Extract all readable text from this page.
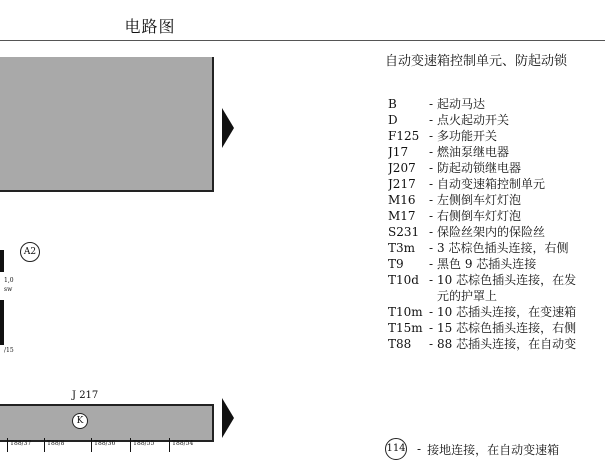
电路图
1,0
sw
/15
A2
J 217
K
T88/37	T88/8	T88/36	T88/55	T88/54
自动变速箱控制单元、防起动锁
B	- 起动马达
D	- 点火起动开关
F125 - 多功能开关
J17	- 燃油泵继电器
J207	- 防起动锁继电器
J217	- 自动变速箱控制单元
M16	- 左侧倒车灯灯泡
M17	- 右侧倒车灯灯泡
S231 - 保险丝架内的保险丝
T3m	- 3 芯棕色插头连接，右侧
T9	- 黑色 9 芯插头连接
T10d - 10 芯棕色插头连接，在发
元的护罩上
T10m - 10 芯插头连接，在变速箱
T15m - 15 芯棕色插头连接，右侧
T88	- 88 芯插头连接，在自动变
114 - 接地连接，在自动变速箱
